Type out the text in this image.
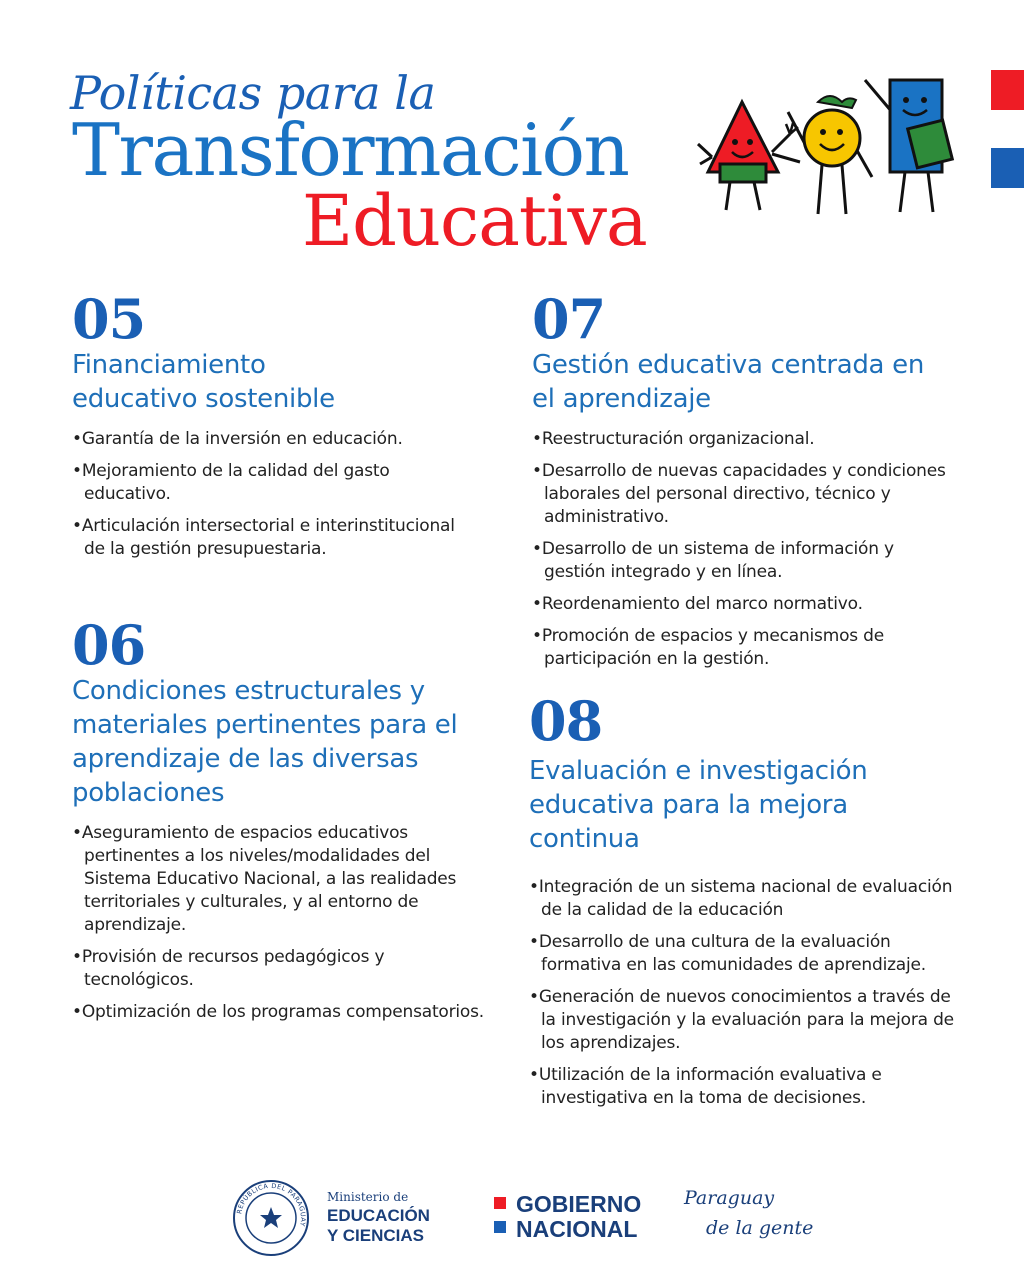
Políticas para la
Transformación
Educativa
05
Financiamiento educativo sostenible
• Garantía de la inversión en educación.
• Mejoramiento de la calidad del gasto educativo.
• Articulación intersectorial e interinstitucional de la gestión presupuestaria.
06
Condiciones estructurales y materiales pertinentes para el aprendizaje de las diversas poblaciones
• Aseguramiento de espacios educativos pertinentes a los niveles/modalidades del Sistema Educativo Nacional, a las realidades territoriales y culturales, y al entorno de aprendizaje.
• Provisión de recursos pedagógicos y tecnológicos.
• Optimización de los programas compensatorios.
07
Gestión educativa centrada en el aprendizaje
• Reestructuración organizacional.
• Desarrollo de nuevas capacidades y condiciones laborales del personal directivo, técnico y administrativo.
• Desarrollo de un sistema de información y gestión integrado y en línea.
• Reordenamiento del marco normativo.
• Promoción de espacios y mecanismos de participación en la gestión.
08
Evaluación e investigación educativa para la mejora continua
• Integración de un sistema nacional de evaluación de la calidad de la educación
• Desarrollo de una cultura de la evaluación formativa en las comunidades de aprendizaje.
• Generación de nuevos conocimientos a través de la investigación y la evaluación para la mejora de los aprendizajes.
• Utilización de la información evaluativa e investigativa en la toma de decisiones.
REPÚBLICA DEL PARAGUAY
Ministerio de
EDUCACIÓN
Y CIENCIAS
GOBIERNO
NACIONAL
Paraguay
de la gente
